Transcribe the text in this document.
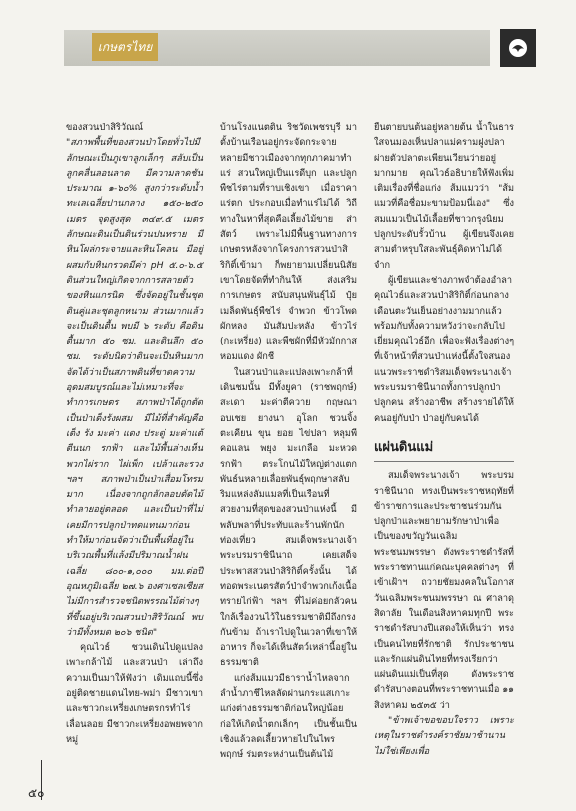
เกษตรไทย

ของสวนป่าสิริวัณณ์

"สภาพพื้นที่ของสวนป่าโดยทั่วไปมีลักษณะเป็นภูเขาลูกเล็กๆ สลับเป็นลูกคลื่นลอนลาด มีความลาดชันประมาณ ๑-๖๐% สูงกว่าระดับน้ำทะเลเฉลี่ยปานกลาง ๑๕๐-๒๕๐ เมตร จุดสูงสุด ๓๔๙.๕ เมตร ลักษณะดินเป็นดินร่วนปนทราย มีหินโผล่กระจายและหินโคลน มีอยู่ผสมกับหินกรวดมีค่า pH ๕.๐-๖.๕ ดินส่วนใหญ่เกิดจากการสลายตัวของหินแกรนิต ซึ่งจัดอยู่ในชั้นชุดดินคู่และชุดลูกหนาม ส่วนมากแล้วจะเป็นดินตื้น พบมี ๖ ระดับ คือดินตื้นมาก ๕๐ ซม. และดินลึก ๕๐ ซม. ระดับนิดว่าดินจะเป็นหินมาก จัดได้ว่าเป็นสภาพดินที่ขาดความอุดมสมบูรณ์และไม่เหมาะที่จะทำการเกษตร สภาพป่าได้ถูกตัดเป็นป่าเต็งรังผสม มีไม้ที่สำคัญคือ เต็ง รัง มะค่า แดง ประดู่ มะค่าแต้ ตีนนก รกฟ้า และไม้พื้นล่างเห็นพวกไผ่ราก ไผ่เพ็ก เปล้าและรวง ฯลฯ สภาพป่าเป็นป่าเสื่อมโทรมมาก เนื่องจากถูกลักลอบตัดไม้ทำลายอยู่ตลอด และเป็นป่าที่ไม่เคยมีการปลูกป่าทดแทนมาก่อนทำให้มาก่อนจัดว่าเป็นพื้นที่อยู่ในบริเวณพื้นที่แล้งมีปริมาณน้ำฝนเฉลี่ย ๘๐๐-๑,๐๐๐ มม.ต่อปี อุณหภูมิเฉลี่ย ๒๗.๖ องศาเซลเซียส ไม่มีการสำรวจชนิดพรรณไม้ต่างๆ ที่ขึ้นอยู่บริเวณสวนป่าสิริวัณณ์ พบว่ามีทั้งหมด ๒๐๖ ชนิด"

คุณไวธ์ ชวนเดินไปดูแปลงเพาะกล้าไม้ และสวนป่า เล่าถึงความเป็นมาให้ฟังว่า เดิมแถบนี้ซึ่งอยู่ติดชายแดนไทย-พม่า มีชาวเขาและชาวกะเหรี่ยงเกษตรกรทำไร่เลื่อนลอย มีชาวกะเหรี่ยงอพยพจากหมู่

บ้านโรงแนตติน ริชวัดเพชรบุรี มาตั้งบ้านเรือนอยู่กระจัดกระจาย หลายมีชาวเมืองจากทุกภาคมาทำแร่ สวนใหญ่เป็นแรดีบุก และปลูกพืชไร่ตามที่ราบเชิงเขา เมื่อราคาแร่ตก ประกอบเมื่อทำแร่ไม่ได้ วิถีทางในหาที่สุดคือเลี้ยงไม้ขาย ส่าสัตว์ เพราะไม่มีพื้นฐานทางการเกษตรหลังจากโครงการสวนป่าสิริกิติ์เข้ามา ก็พยายามเปลี่ยนนิสัยเขาโดยจัดที่ทำกินให้ ส่งเสริมการเกษตร สนับสนุนพันธุ์ไม้ ปุ๋ย เมล็ดพันธุ์พืชไร่ จำพวก ข้าวโพด ผักหลง มันสัมปะหลัง ข้าวไร่ (กะเหรี่ยง) และพืชผักที่มีหัวมักกาส หอมแดง ผักชี

ในสวนป่าและแปลงเพาะกล้าที่เดินชมนั้น มีทั้งยูคา (ราชพฤกษ์) สะเดา มะค่าตีควาย กฤษณา อบเชย ยางนา อุโลก ชวนจิ้ง ตะเคียน ขุน ยอย ไข่ปลา หลุมพี คอแลน พยุง มะเกลือ มะหวด รกฟ้า ตระโกนไม้ใหญ่ต่างแตกพันธ์นหลายเลื่อยพันธุ์พฤกษาสลับ ริมแหล่งลัมแมลที่เป็นเรือนที่สวยงามที่สุดของสวนป่าแห่งนี้ มีพลับพลาที่ประทับและร้านพักนักท่องเที่ยว สมเด็จพระนางเจ้า พระบรมราชินีนาถ เคยเสด็จประพาสสวนป่าสิริกิติ์ครั้งนั้น ได้ทอดพระเนตรสัตว์ป่าจำพวกเก้งเนื้อทรายไก่ฟ้า ฯลฯ ที่ไม่ค่อยกลัวคน ใกล้เรื่องวนไว้ในธรรมชาติมีถึงกรงกันข้าม ถ้าเราไปดูในเวลาที่เขาให้อาหาร ก็จะได้เห็นสัตว์เหล่านี้อยู่ในธรรมชาติ

แก่งส้มแมวมีธาราน้ำไหลจากลำน้ำภาชีไหลลัดผ่านกระแสเกาะแก่งต่างธรรมชาติก่อนใหญ่น้อย ก่อให้เกิดน้ำตกเล็กๆ เป็นชั้นเป็นเชิงแล้วลดเลี้ยวหายไปในไพรพฤกษ์ ร่มตระหง่านเป็นต้นไม้

ยืนตายบนต้นอยู่หลายต้น น้ำในธารใสจนมองเห็นปลาแม่ครามฝูงปลาผ่ายตัวปลาตะเพียนเวียนว่ายอยู่มากมาย คุณไวธ์อธิบายให้ฟังเพิ่มเติมเรื่องที่ชื่อแก่ง ส้มแมวว่า "ส้มแมวที่คือชื่อมะขามป้อมนี่เอง" ซึ่งสมแมวเป็นไม้เลื้อยที่ชาวกรุงนิยมปลูกประดับรั้วบ้าน ผู้เขียนจึงเคยสามตำหรุบใสละพันธุ์คิดหาไม่ได้จำก

ผู้เขียนและช่างภาพจำต้องอำลาคุณไวธ์และสวนป่าสิริกิติ์ก่อนกลางเดือนตะวันเย็นอย่างงามมากแล้ว พร้อมกับทั้งความหวังว่าจะกลับไปเยี่ยมคุณไวธ์อีก เพื่อจะฟังเรื่องต่างๆ ที่เจ้าหน้าที่สวนป่าแห่งนี้ตั้งใจสนองแนวพระราชดำริสมเด็จพระนางเจ้าพระบรมราชินีนาถทั้งการปลูกป่า ปลูกคน สร้างอาชีพ สร้างรายได้ให้คนอยู่กับป่า ป่าอยู่กับคนได้

แผ่นดินแม่

สมเด็จพระนางเจ้า พระบรมราชินีนาถ ทรงเป็นพระราชหฤทัยที่ข้าราชการและประชาชนร่วมกันปลูกป่าและพยายามรักษาป่าเพื่อเป็นของขวัญวันเฉลิมพระชนมพรรษา ดังพระราชดำรัสที่พระราชทานแก่คณะบุคคลต่างๆ ที่เข้าเฝ้าฯ ถวายชัยมงคลในโอกาสวันเฉลิมพระชนมพรรษา ณ ศาลาดุสิดาลัย ในเดือนสิงหาคมทุกปี พระราชดำรัสบางปีแสดงให้เห็นว่า ทรงเป็นคนไทยที่รักชาติ รักประชาชน และรักแผ่นดินไทยที่ทรงเรียกว่าแผ่นดินแม่เป็นที่สุด ดังพระราชดำรัสบางตอนที่พระราชทานเมื่อ ๑๑ สิงหาคม ๒๕๓๕ ว่า

"ข้าพเจ้าขอขอบใจราว เพราะเหตุในราชดำรงค์ราชัยมาช้านาน ไม่ใช่เพียงเพื่อ

๕๐
